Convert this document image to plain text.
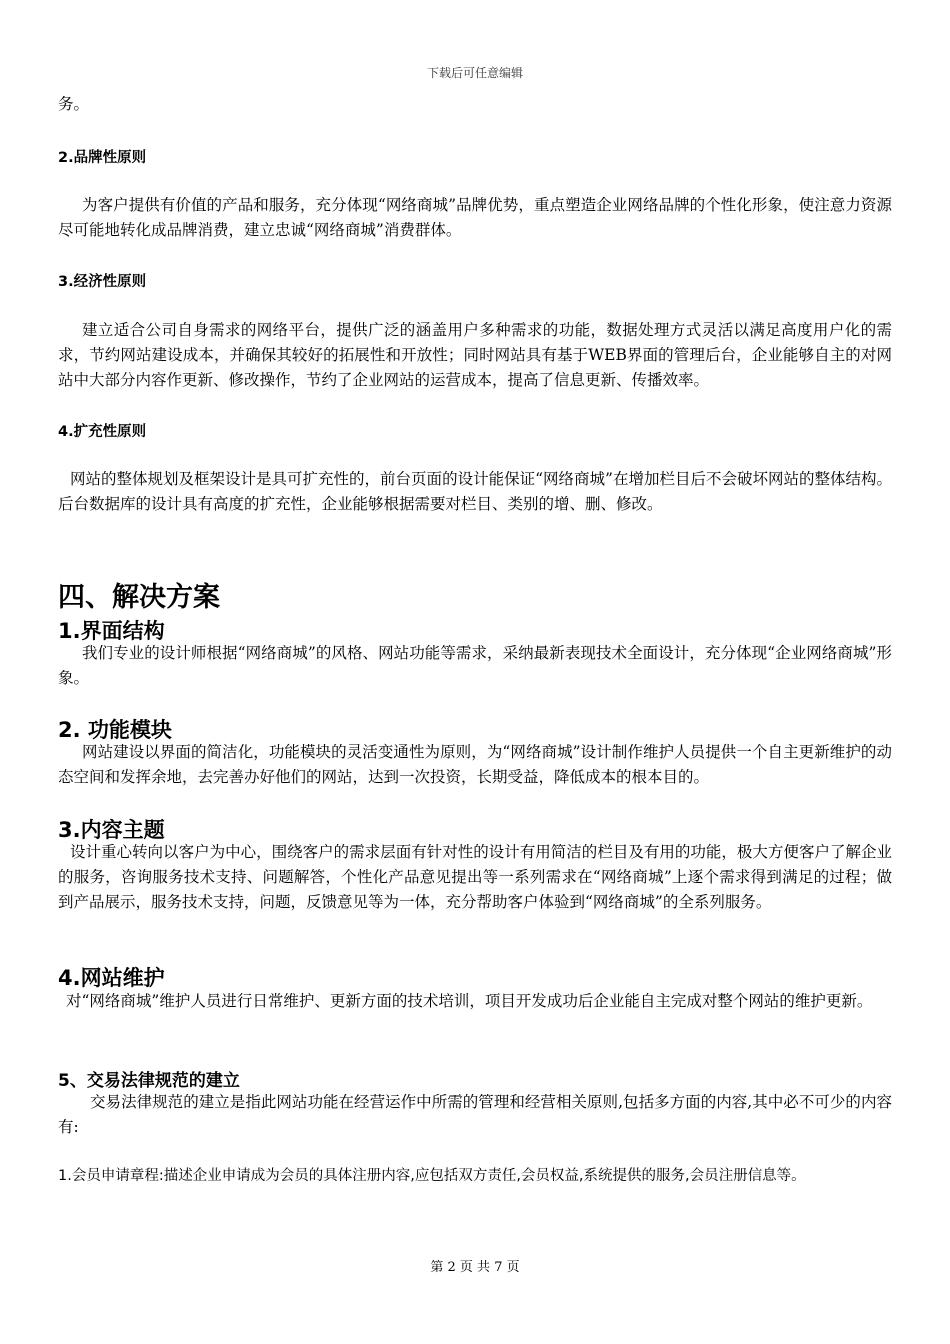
下载后可任意编辑
务。
2.品牌性原则
为客户提供有价值的产品和服务，充分体现“网络商城”品牌优势，重点塑造企业网络品牌的个性化形象，使注意力资源尽可能地转化成品牌消费，建立忠诚“网络商城”消费群体。
3.经济性原则
建立适合公司自身需求的网络平台，提供广泛的涵盖用户多种需求的功能，数据处理方式灵活以满足高度用户化的需求，节约网站建设成本，并确保其较好的拓展性和开放性；同时网站具有基于WEB界面的管理后台，企业能够自主的对网站中大部分内容作更新、修改操作，节约了企业网站的运营成本，提高了信息更新、传播效率。
4.扩充性原则
网站的整体规划及框架设计是具可扩充性的，前台页面的设计能保证“网络商城”在增加栏目后不会破坏网站的整体结构。后台数据库的设计具有高度的扩充性，企业能够根据需要对栏目、类别的增、删、修改。
四、解决方案
1.界面结构
我们专业的设计师根据“网络商城”的风格、网站功能等需求，采纳最新表现技术全面设计，充分体现“企业网络商城”形象。
2. 功能模块
网站建设以界面的简洁化，功能模块的灵活变通性为原则，为“网络商城”设计制作维护人员提供一个自主更新维护的动态空间和发挥余地，去完善办好他们的网站，达到一次投资，长期受益，降低成本的根本目的。
3.内容主题
设计重心转向以客户为中心，围绕客户的需求层面有针对性的设计有用简洁的栏目及有用的功能，极大方便客户了解企业的服务，咨询服务技术支持、问题解答，个性化产品意见提出等一系列需求在“网络商城”上逐个需求得到满足的过程；做到产品展示，服务技术支持，问题，反馈意见等为一体，充分帮助客户体验到“网络商城”的全系列服务。
4.网站维护
对“网络商城”维护人员进行日常维护、更新方面的技术培训，项目开发成功后企业能自主完成对整个网站的维护更新。
5、交易法律规范的建立
交易法律规范的建立是指此网站功能在经营运作中所需的管理和经营相关原则,包括多方面的内容,其中必不可少的内容有:
1.会员申请章程:描述企业申请成为会员的具体注册内容,应包括双方责任,会员权益,系统提供的服务,会员注册信息等。
第 2 页 共 7 页
